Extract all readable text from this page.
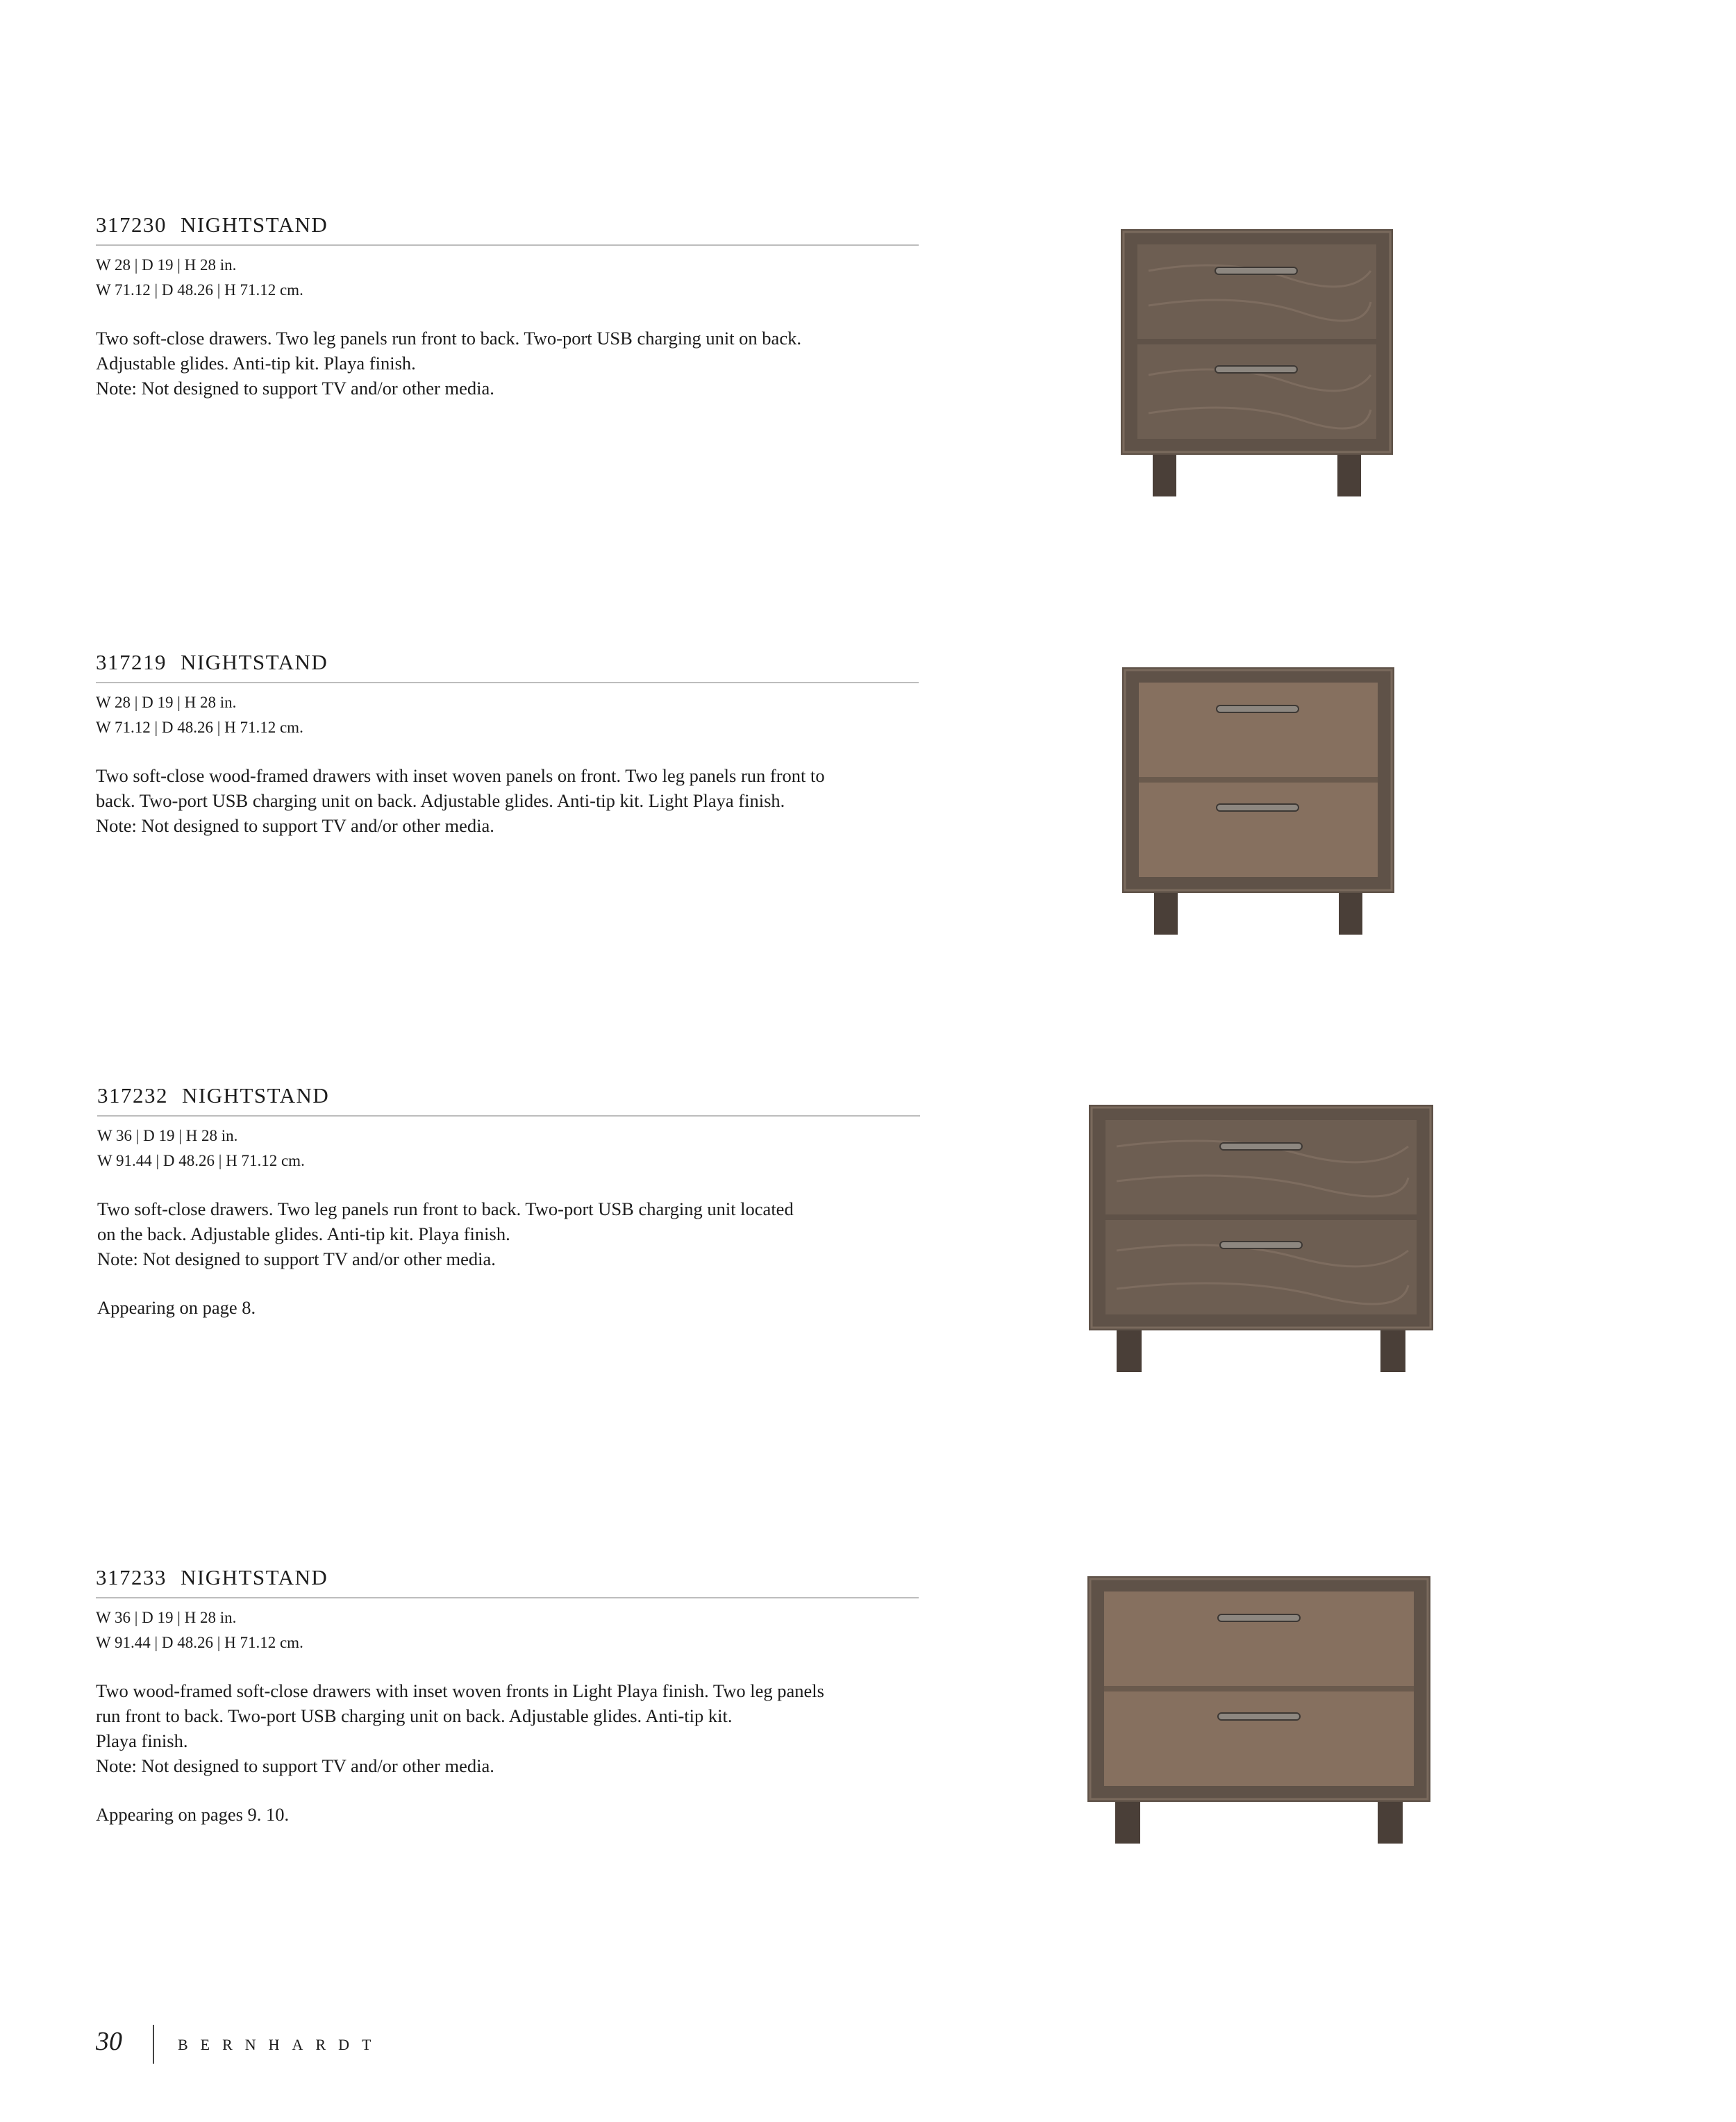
317230 NIGHTSTAND
W 28 | D 19 | H 28 in.
W 71.12 | D 48.26 | H 71.12 cm.
Two soft-close drawers. Two leg panels run front to back. Two-port USB charging unit on back.
Adjustable glides. Anti-tip kit. Playa finish.
Note: Not designed to support TV and/or other media.
317219 NIGHTSTAND
W 28 | D 19 | H 28 in.
W 71.12 | D 48.26 | H 71.12 cm.
Two soft-close wood-framed drawers with inset woven panels on front. Two leg panels run front to
back. Two-port USB charging unit on back. Adjustable glides. Anti-tip kit. Light Playa finish.
Note: Not designed to support TV and/or other media.
317232 NIGHTSTAND
W 36 | D 19 | H 28 in.
W 91.44 | D 48.26 | H 71.12 cm.
Two soft-close drawers. Two leg panels run front to back. Two-port USB charging unit located
on the back. Adjustable glides. Anti-tip kit. Playa finish.
Note: Not designed to support TV and/or other media.
Appearing on page 8.
317233 NIGHTSTAND
W 36 | D 19 | H 28 in.
W 91.44 | D 48.26 | H 71.12 cm.
Two wood-framed soft-close drawers with inset woven fronts in Light Playa finish. Two leg panels
run front to back. Two-port USB charging unit on back. Adjustable glides. Anti-tip kit.
Playa finish.
Note: Not designed to support TV and/or other media.
Appearing on pages 9. 10.
30	BERNHARDT
